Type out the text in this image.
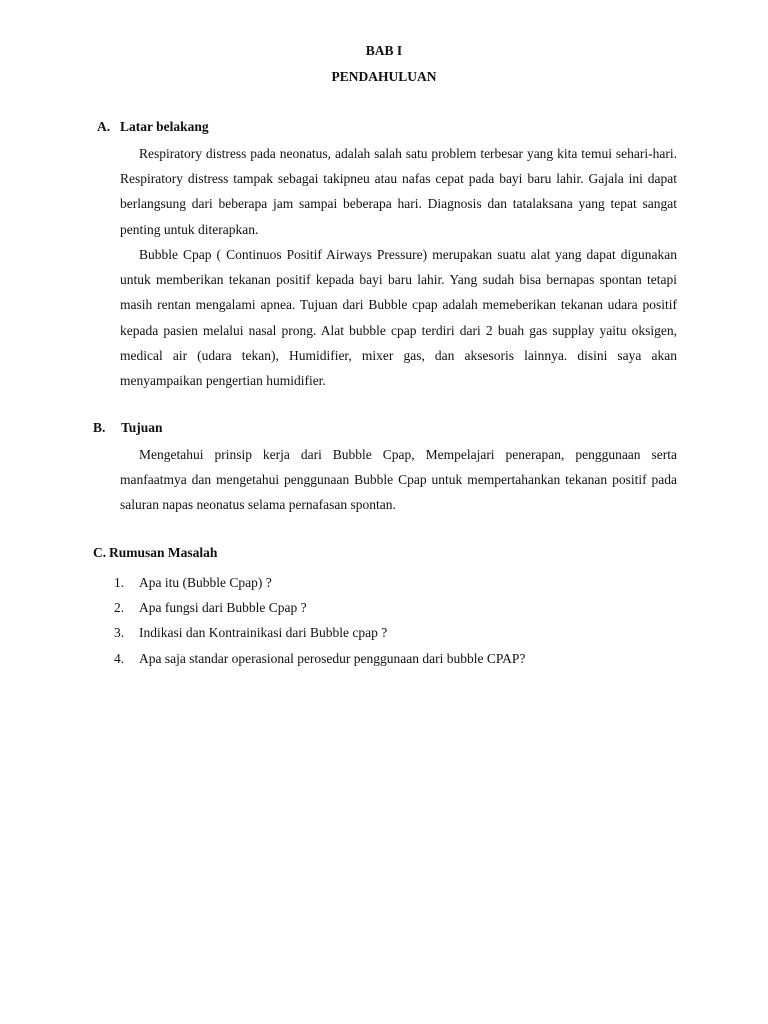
BAB I
PENDAHULUAN
A. Latar belakang
Respiratory distress pada neonatus, adalah salah satu problem terbesar yang kita temui sehari-hari. Respiratory distress tampak sebagai takipneu atau nafas cepat pada bayi baru lahir. Gajala ini dapat berlangsung dari beberapa jam sampai beberapa hari. Diagnosis dan tatalaksana yang tepat sangat penting untuk diterapkan.
Bubble Cpap ( Continuos Positif Airways Pressure) merupakan suatu alat yang dapat digunakan untuk memberikan tekanan positif kepada bayi baru lahir. Yang sudah bisa bernapas spontan tetapi masih rentan mengalami apnea. Tujuan dari Bubble cpap adalah memeberikan tekanan udara positif kepada pasien melalui nasal prong. Alat bubble cpap terdiri dari 2 buah gas supplay yaitu oksigen, medical air (udara tekan), Humidifier, mixer gas, dan aksesoris lainnya. disini saya akan menyampaikan pengertian humidifier.
B. Tujuan
Mengetahui prinsip kerja dari Bubble Cpap, Mempelajari penerapan, penggunaan serta manfaatmya dan mengetahui penggunaan Bubble Cpap untuk mempertahankan tekanan positif pada saluran napas neonatus selama pernafasan spontan.
C. Rumusan Masalah
1. Apa itu (Bubble Cpap) ?
2. Apa fungsi dari Bubble Cpap ?
3. Indikasi dan Kontrainikasi dari Bubble cpap ?
4. Apa saja standar operasional perosedur penggunaan dari bubble CPAP?
